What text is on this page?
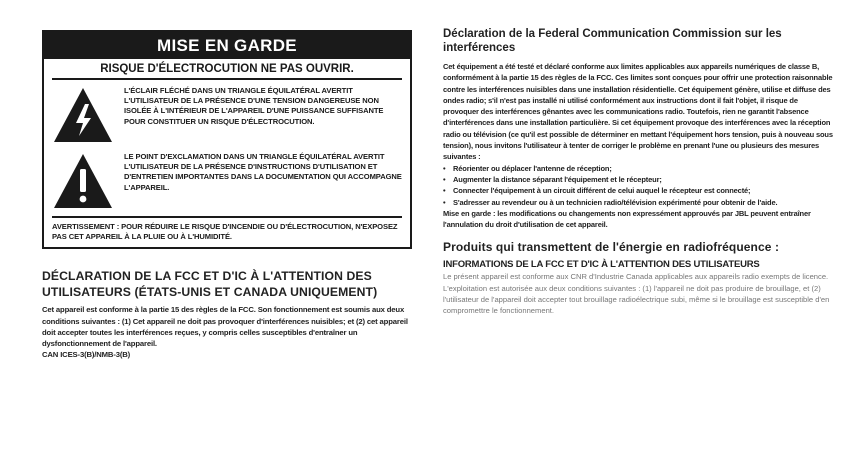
MISE EN GARDE
RISQUE D'ÉLECTROCUTION NE PAS OUVRIR.
L'ÉCLAIR FLÉCHÉ DANS UN TRIANGLE ÉQUILATÉRAL AVERTIT L'UTILISATEUR DE LA PRÉSENCE D'UNE TENSION DANGEREUSE NON ISOLÉE À L'INTÉRIEUR DE L'APPAREIL D'UNE PUISSANCE SUFFISANTE POUR CONSTITUER UN RISQUE D'ÉLECTROCUTION.
LE POINT D'EXCLAMATION DANS UN TRIANGLE ÉQUILATÉRAL AVERTIT L'UTILISATEUR DE LA PRÉSENCE D'INSTRUCTIONS D'UTILISATION ET D'ENTRETIEN IMPORTANTES DANS LA DOCUMENTATION QUI ACCOMPAGNE L'APPAREIL.
AVERTISSEMENT : POUR RÉDUIRE LE RISQUE D'INCENDIE OU D'ÉLECTROCUTION, N'EXPOSEZ PAS CET APPAREIL À LA PLUIE OU À L'HUMIDITÉ.
DÉCLARATION DE LA FCC ET D'IC À L'ATTENTION DES UTILISATEURS (ÉTATS-UNIS ET CANADA UNIQUEMENT)

Cet appareil est conforme à la partie 15 des règles de la FCC. Son fonctionnement est soumis aux deux conditions suivantes : (1) Cet appareil ne doit pas provoquer d'interférences nuisibles; et (2) cet appareil doit accepter toutes les interférences reçues, y compris celles susceptibles d'entraîner un dysfonctionnement de l'appareil.

CAN ICES-3(B)/NMB-3(B)

Déclaration de la Federal Communication Commission sur les interférences

Cet équipement a été testé et déclaré conforme aux limites applicables aux appareils numériques de classe B, conformément à la partie 15 des règles de la FCC. Ces limites sont conçues pour offrir une protection raisonnable contre les interférences nuisibles dans une installation résidentielle. Cet équipement génère, utilise et diffuse des ondes radio; s'il n'est pas installé ni utilisé conformément aux instructions dont il fait l'objet, il risque de provoquer des interférences gênantes avec les communications radio. Toutefois, rien ne garantit l'absence d'interférences dans une installation particulière. Si cet équipement provoque des interférences avec la réception radio ou télévision (ce qu'il est possible de déterminer en mettant l'équipement hors tension, puis à nouveau sous tension), nous invitons l'utilisateur à tenter de corriger le problème en prenant l'une ou plusieurs des mesures suivantes :

• Réorienter ou déplacer l'antenne de réception;
• Augmenter la distance séparant l'équipement et le récepteur;
• Connecter l'équipement à un circuit différent de celui auquel le récepteur est connecté;
• S'adresser au revendeur ou à un technicien radio/télévision expérimenté pour obtenir de l'aide.

Mise en garde : les modifications ou changements non expressément approuvés par JBL peuvent entraîner l'annulation du droit d'utilisation de cet appareil.

Produits qui transmettent de l'énergie en radiofréquence :
INFORMATIONS DE LA FCC ET D'IC À L'ATTENTION DES UTILISATEURS
Le présent appareil est conforme aux CNR d'Industrie Canada applicables aux appareils radio exempts de licence. L'exploitation est autorisée aux deux conditions suivantes : (1) l'appareil ne doit pas produire de brouillage, et (2) l'utilisateur de l'appareil doit accepter tout brouillage radioélectrique subi, même si le brouillage est susceptible d'en compromettre le fonctionnement.
